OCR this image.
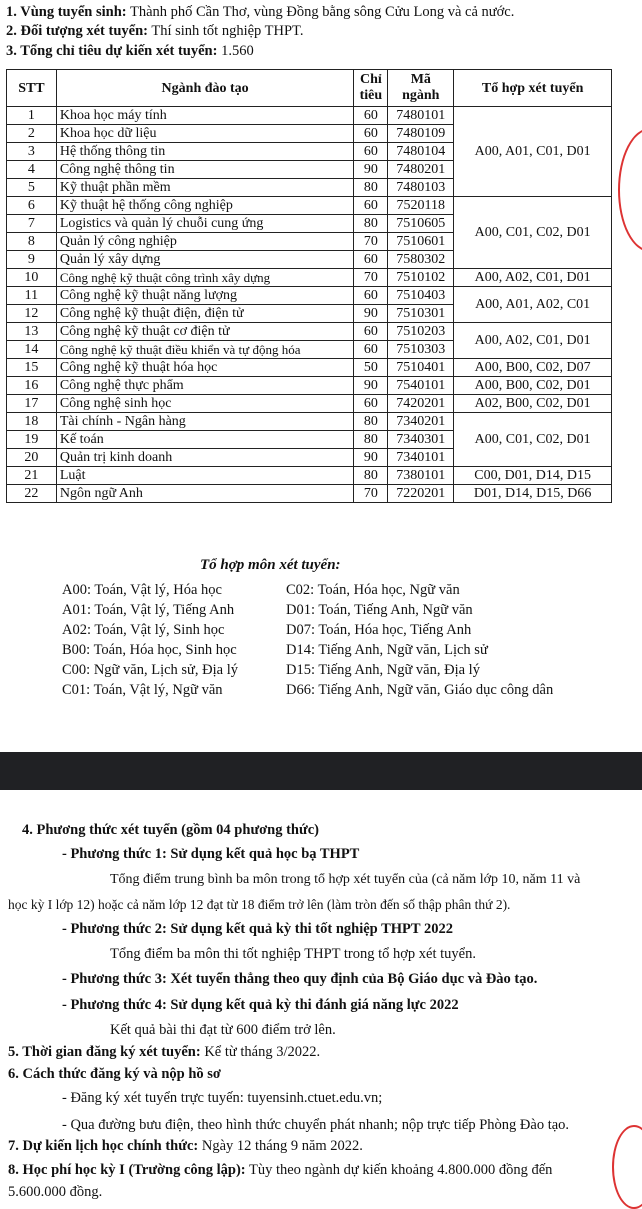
1. Vùng tuyển sinh: Thành phố Cần Thơ, vùng Đồng bằng sông Cửu Long và cả nước.
2. Đối tượng xét tuyển: Thí sinh tốt nghiệp THPT.
3. Tổng chỉ tiêu dự kiến xét tuyển: 1.560
STT	Ngành đào tạo	Chỉ tiêu	Mã ngành	Tổ hợp xét tuyển
1	Khoa học máy tính	60	7480101	A00, A01, C01, D01
2	Khoa học dữ liệu	60	7480109	
3	Hệ thống thông tin	60	7480104	
4	Công nghệ thông tin	90	7480201	
5	Kỹ thuật phần mềm	80	7480103	
6	Kỹ thuật hệ thống công nghiệp	60	7520118	A00, C01, C02, D01
7	Logistics và quản lý chuỗi cung ứng	80	7510605	
8	Quản lý công nghiệp	70	7510601	
9	Quản lý xây dựng	60	7580302	
10	Công nghệ kỹ thuật công trình xây dựng	70	7510102	A00, A02, C01, D01
11	Công nghệ kỹ thuật năng lượng	60	7510403	A00, A01, A02, C01
12	Công nghệ kỹ thuật điện, điện tử	90	7510301	
13	Công nghệ kỹ thuật cơ điện tử	60	7510203	A00, A02, C01, D01
14	Công nghệ kỹ thuật điều khiển và tự động hóa	60	7510303	
15	Công nghệ kỹ thuật hóa học	50	7510401	A00, B00, C02, D07
16	Công nghệ thực phẩm	90	7540101	A00, B00, C02, D01
17	Công nghệ sinh học	60	7420201	A02, B00, C02, D01
18	Tài chính - Ngân hàng	80	7340201	A00, C01, C02, D01
19	Kế toán	80	7340301	
20	Quản trị kinh doanh	90	7340101	
21	Luật	80	7380101	C00, D01, D14, D15
22	Ngôn ngữ Anh	70	7220201	D01, D14, D15, D66
Tổ hợp môn xét tuyển:
A00: Toán, Vật lý, Hóa học
A01: Toán, Vật lý, Tiếng Anh
A02: Toán, Vật lý, Sinh học
B00: Toán, Hóa học, Sinh học
C00: Ngữ văn, Lịch sử, Địa lý
C01: Toán, Vật lý, Ngữ văn
C02: Toán, Hóa học, Ngữ văn
D01: Toán, Tiếng Anh, Ngữ văn
D07: Toán, Hóa học, Tiếng Anh
D14: Tiếng Anh, Ngữ văn, Lịch sử
D15: Tiếng Anh, Ngữ văn, Địa lý
D66: Tiếng Anh, Ngữ văn, Giáo dục công dân
4. Phương thức xét tuyển (gồm 04 phương thức)
- Phương thức 1: Sử dụng kết quả học bạ THPT
Tổng điểm trung bình ba môn trong tổ hợp xét tuyển của (cả năm lớp 10, năm 11 và
học kỳ I lớp 12) hoặc cả năm lớp 12 đạt từ 18 điểm trở lên (làm tròn đến số thập phân thứ 2).
- Phương thức 2: Sử dụng kết quả kỳ thi tốt nghiệp THPT 2022
Tổng điểm ba môn thi tốt nghiệp THPT trong tổ hợp xét tuyển.
- Phương thức 3: Xét tuyển thẳng theo quy định của Bộ Giáo dục và Đào tạo.
- Phương thức 4: Sử dụng kết quả kỳ thi đánh giá năng lực 2022
Kết quả bài thi đạt từ 600 điểm trở lên.
5. Thời gian đăng ký xét tuyển: Kể từ tháng 3/2022.
6. Cách thức đăng ký và nộp hồ sơ
- Đăng ký xét tuyển trực tuyến: tuyensinh.ctuet.edu.vn;
- Qua đường bưu điện, theo hình thức chuyển phát nhanh; nộp trực tiếp Phòng Đào tạo.
7. Dự kiến lịch học chính thức: Ngày 12 tháng 9 năm 2022.
8. Học phí học kỳ I (Trường công lập): Tùy theo ngành dự kiến khoảng 4.800.000 đồng đến
5.600.000 đồng.
